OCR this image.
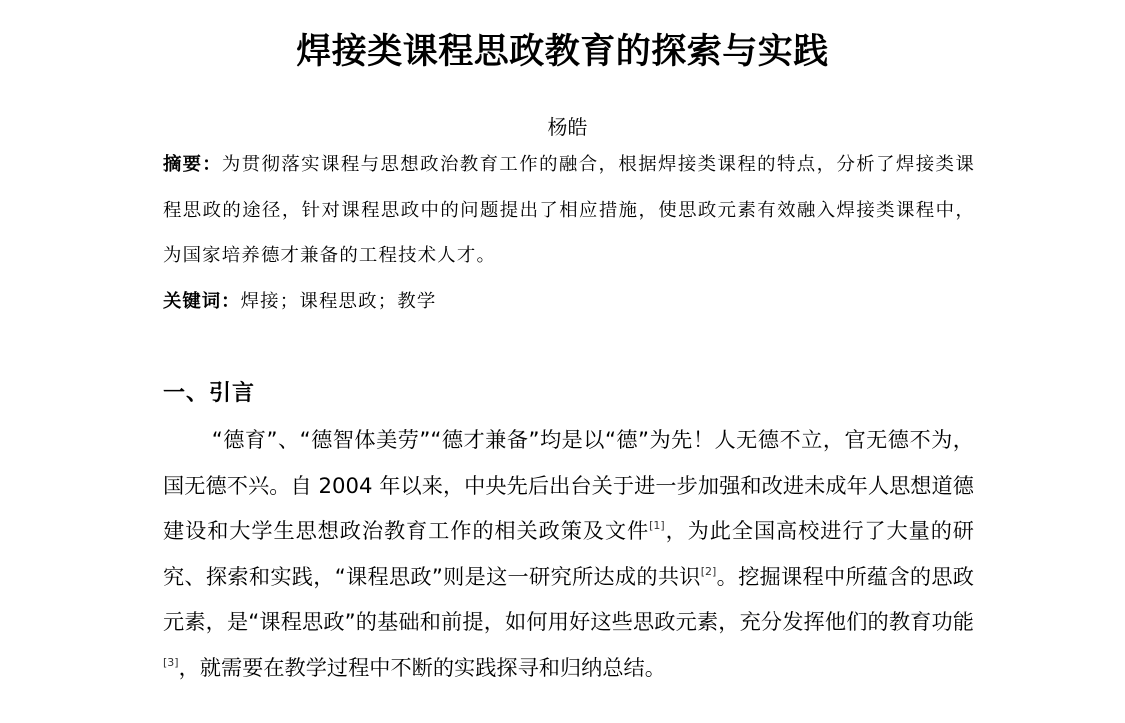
焊接类课程思政教育的探索与实践
杨皓

摘要：为贯彻落实课程与思想政治教育工作的融合，根据焊接类课程的特点，分析了焊接类课程思政的途径，针对课程思政中的问题提出了相应措施，使思政元素有效融入焊接类课程中，为国家培养德才兼备的工程技术人才。

关键词：焊接；课程思政；教学

一、引言

“德育”、“德智体美劳”“德才兼备”均是以“德”为先！人无德不立，官无德不为，国无德不兴。自 2004 年以来，中央先后出台关于进一步加强和改进未成年人思想道德建设和大学生思想政治教育工作的相关政策及文件[1]，为此全国高校进行了大量的研究、探索和实践，“课程思政”则是这一研究所达成的共识[2]。挖掘课程中所蕴含的思政元素，是“课程思政”的基础和前提，如何用好这些思政元素，充分发挥他们的教育功能[3]，就需要在教学过程中不断的实践探寻和归纳总结。
